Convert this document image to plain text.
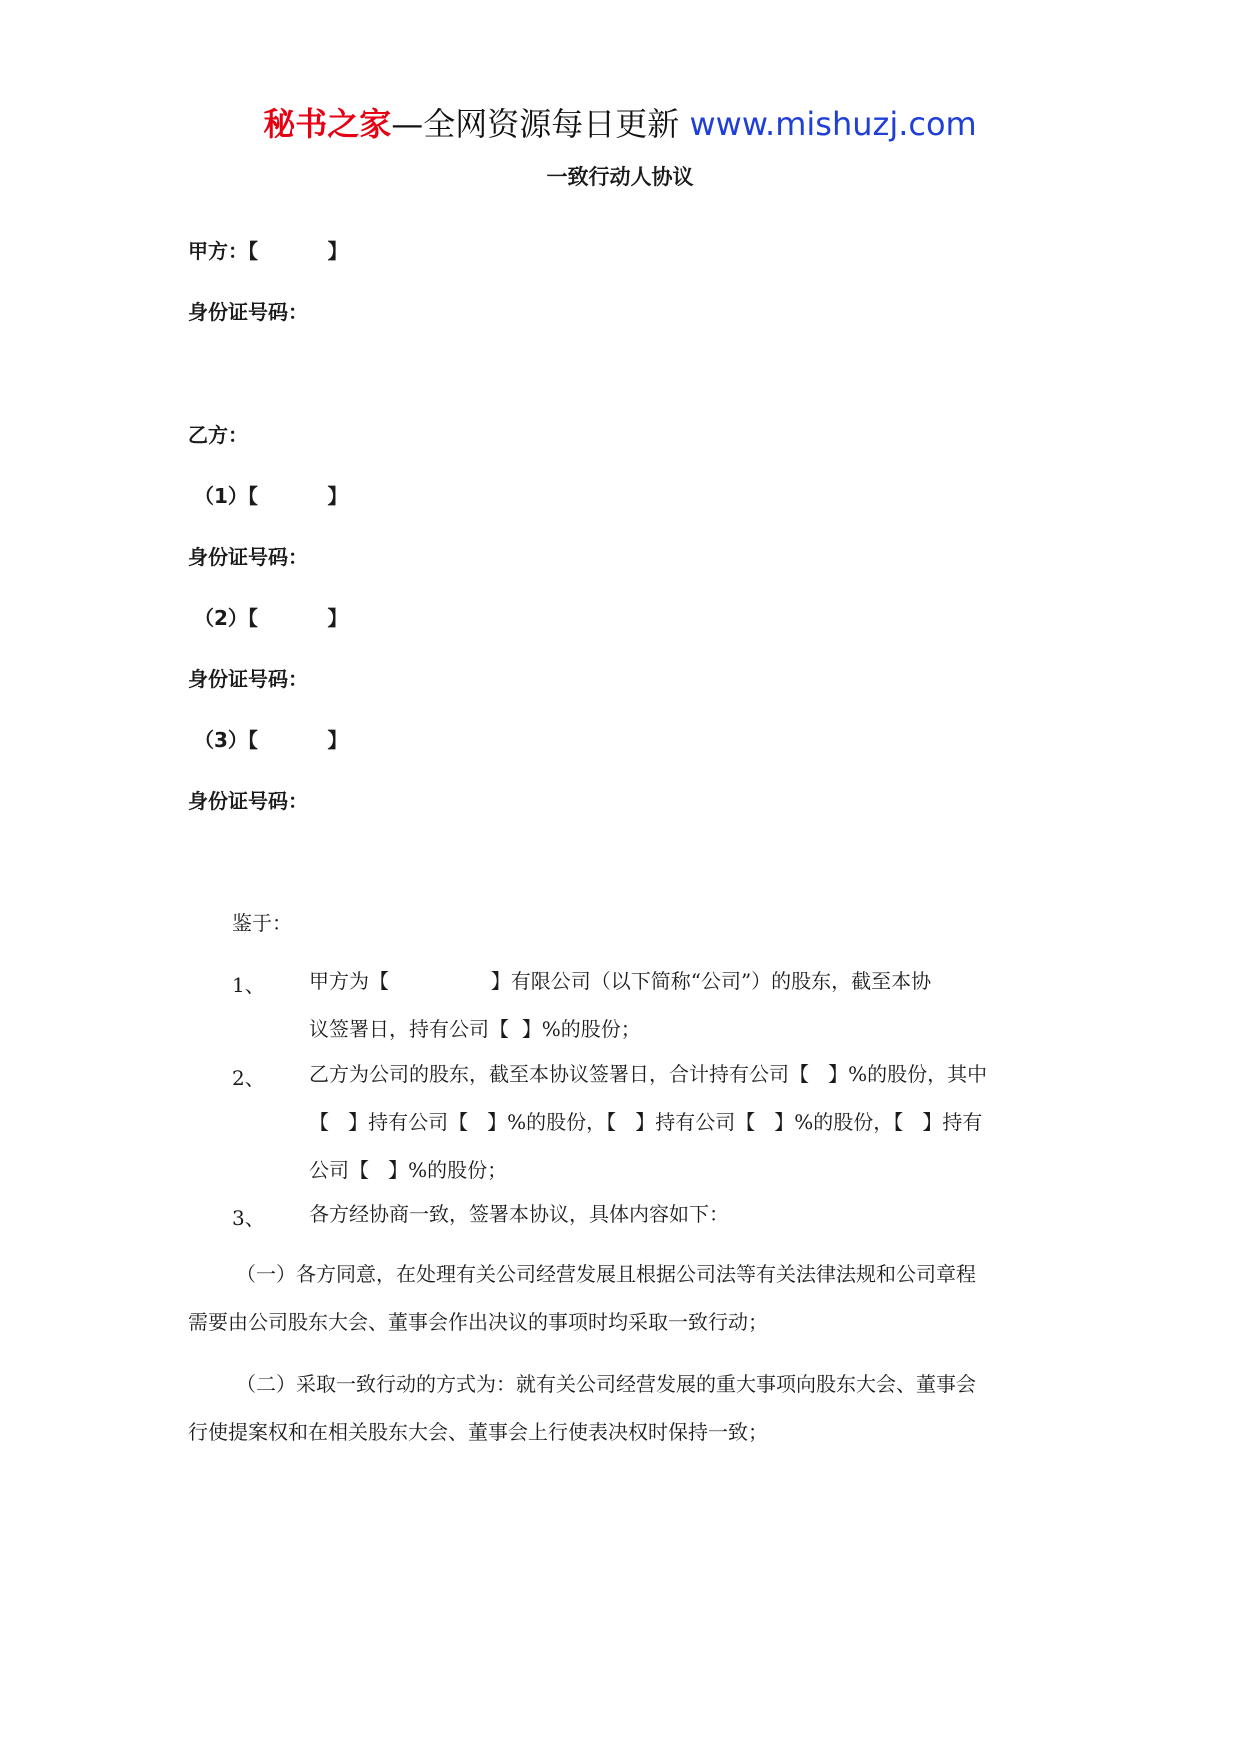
秘书之家—全网资源每日更新 www.mishuzj.com
一致行动人协议
甲方：【          】
身份证号码：
乙方：
（1）【          】
身份证号码：
（2）【          】
身份证号码：
（3）【          】
身份证号码：
鉴于：
1、 甲方为【                】有限公司（以下简称“公司”）的股东，截至本协
议签署日，持有公司【  】%的股份；
2、 乙方为公司的股东，截至本协议签署日，合计持有公司【   】%的股份，其中
【   】持有公司【   】%的股份，【   】持有公司【   】%的股份，【   】持有
公司【   】%的股份；
3、 各方经协商一致，签署本协议，具体内容如下：
（一）各方同意，在处理有关公司经营发展且根据公司法等有关法律法规和公司章程
需要由公司股东大会、董事会作出决议的事项时均采取一致行动；
（二）采取一致行动的方式为：就有关公司经营发展的重大事项向股东大会、董事会
行使提案权和在相关股东大会、董事会上行使表决权时保持一致；
